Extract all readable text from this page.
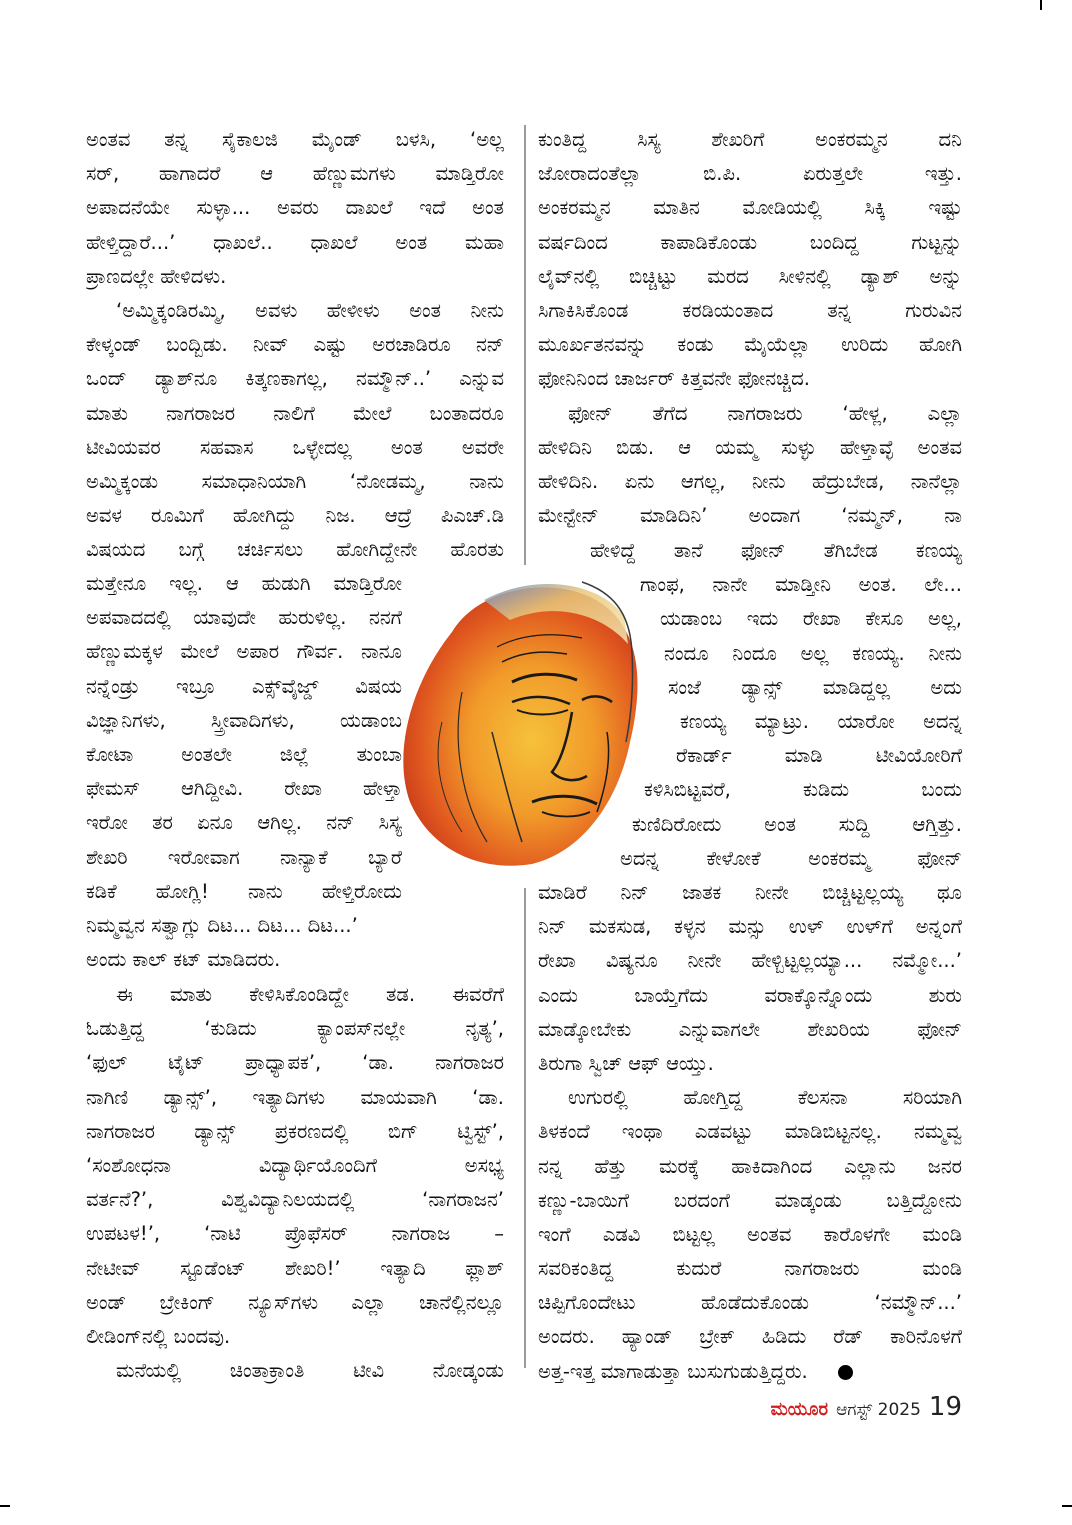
ಅಂತವ ತನ್ನ ಸೈಕಾಲಜಿ ಮೈಂಡ್ ಬಳಸಿ, ‘ಅಲ್ಲ
ಸರ್, ಹಾಗಾದರೆ ಆ ಹೆಣ್ಣುಮಗಳು ಮಾಡ್ತಿರೋ
ಅಪಾದನೆಯೇ ಸುಳ್ಳಾ... ಅವರು ದಾಖಲೆ ಇದೆ ಅಂತ
ಹೇಳ್ತಿದ್ದಾರೆ...’ ಧಾಖಲೆ.. ಧಾಖಲೆ ಅಂತ ಮಹಾ
ಪ್ರಾಣದಲ್ಲೇ ಹೇಳಿದಳು.
‘ಅಮ್ಮಿಕ್ಕಂಡಿರಮ್ಮಿ, ಅವಳು ಹೇಳೀಳು ಅಂತ ನೀನು
ಕೇಳ್ಕಂಡ್ ಬಂದ್ಬಿಡು. ನೀವ್ ಎಷ್ಟು ಅರಚಾಡಿರೂ ನನ್
ಒಂದ್ ಡ್ಯಾಶ್‌ನೂ ಕಿತ್ಕಣಕಾಗಲ್ಲ, ನಮ್ಮೌನ್..’ ಎನ್ನುವ
ಮಾತು ನಾಗರಾಜರ ನಾಲಿಗೆ ಮೇಲೆ ಬಂತಾದರೂ
ಟೀವಿಯವರ ಸಹವಾಸ ಒಳ್ಳೇದಲ್ಲ ಅಂತ ಅವರೇ
ಅಮ್ಮಿಕ್ಕಂಡು ಸಮಾಧಾನಿಯಾಗಿ ‘ನೋಡಮ್ಮ, ನಾನು
ಅವಳ ರೂಮಿಗೆ ಹೋಗಿದ್ದು ನಿಜ. ಆದ್ರೆ ಪಿಎಚ್.ಡಿ
ವಿಷಯದ ಬಗ್ಗೆ ಚರ್ಚಿಸಲು ಹೋಗಿದ್ದೇನೇ ಹೊರತು
ಮತ್ತೇನೂ ಇಲ್ಲ. ಆ ಹುಡುಗಿ ಮಾಡ್ತಿರೋ
ಅಪವಾದದಲ್ಲಿ ಯಾವುದೇ ಹುರುಳಿಲ್ಲ. ನನಗೆ
ಹೆಣ್ಣುಮಕ್ಕಳ ಮೇಲೆ ಅಪಾರ ಗೌರ್ವ. ನಾನೂ
ನನ್ನೆಂಡ್ರು ಇಬ್ರೂ ಎಕ್ಸ್‌ವೈಜ್ಡ್ ವಿಷಯ
ವಿಜ್ಞಾನಿಗಳು, ಸ್ತ್ರೀವಾದಿಗಳು, ಯಡಾಂಬ
ಕೋಟಾ ಅಂತಲೇ ಜಿಲ್ಲೆ ತುಂಬಾ
ಫೇಮಸ್ ಆಗಿದ್ದೀವಿ. ರೇಖಾ ಹೇಳ್ತಾ
ಇರೋ ತರ ಏನೂ ಆಗಿಲ್ಲ. ನನ್ ಸಿಸ್ಯ
ಶೇಖರಿ ಇರೋವಾಗ ನಾನ್ಯಾಕೆ ಬ್ಯಾರೆ
ಕಡಿಕೆ ಹೋಗ್ಲಿ! ನಾನು ಹೇಳ್ತಿರೋದು
ನಿಮ್ಮವ್ವನ ಸತ್ವಾಗ್ಲು ದಿಟ... ದಿಟ... ದಿಟ...’
ಅಂದು ಕಾಲ್ ಕಟ್ ಮಾಡಿದರು.
ಈ ಮಾತು ಕೇಳಿಸಿಕೊಂಡಿದ್ದೇ ತಡ. ಈವರೆಗೆ
ಓಡುತ್ತಿದ್ದ ‘ಕುಡಿದು ಕ್ಯಾಂಪಸ್‌ನಲ್ಲೇ ನೃತ್ಯ’,
‘ಫುಲ್ ಟೈಟ್ ಪ್ರಾಧ್ಯಾಪಕ’, ‘ಡಾ. ನಾಗರಾಜರ
ನಾಗಿಣಿ ಡ್ಯಾನ್ಸ್’, ಇತ್ಯಾದಿಗಳು ಮಾಯವಾಗಿ ‘ಡಾ.
ನಾಗರಾಜರ ಡ್ಯಾನ್ಸ್ ಪ್ರಕರಣದಲ್ಲಿ ಬಿಗ್ ಟ್ವಿಸ್ಟ್’,
‘ಸಂಶೋಧನಾ ವಿದ್ಯಾರ್ಥಿಯೊಂದಿಗೆ ಅಸಭ್ಯ
ವರ್ತನೆ?’, ವಿಶ್ವವಿದ್ಯಾನಿಲಯದಲ್ಲಿ ‘ನಾಗರಾಜನ’
ಉಪಟಳ!’, ‘ನಾಟಿ ಪ್ರೊಫೆಸರ್ ನಾಗರಾಜ –
ನೇಟೀವ್ ಸ್ಟೂಡೆಂಟ್ ಶೇಖರಿ!’ ಇತ್ಯಾದಿ ಫ್ಲಾಶ್
ಅಂಡ್ ಬ್ರೇಕಿಂಗ್ ನ್ಯೂಸ್‌ಗಳು ಎಲ್ಲಾ ಚಾನೆಲ್ಲಿನಲ್ಲೂ
ಲೀಡಿಂಗ್‌ನಲ್ಲಿ ಬಂದವು.
ಮನೆಯಲ್ಲಿ ಚಿಂತಾಕ್ರಾಂತಿ ಟೀವಿ ನೋಡ್ಕಂಡು
ಕುಂತಿದ್ದ ಸಿಸ್ಯ ಶೇಖರಿಗೆ ಅಂಕರಮ್ಮನ ದನಿ
ಜೋರಾದಂತೆಲ್ಲಾ ಬಿ.ಪಿ. ಏರುತ್ತಲೇ ಇತ್ತು.
ಅಂಕರಮ್ಮನ ಮಾತಿನ ಮೋಡಿಯಲ್ಲಿ ಸಿಕ್ಕಿ ಇಷ್ಟು
ವರ್ಷದಿಂದ ಕಾಪಾಡಿಕೊಂಡು ಬಂದಿದ್ದ ಗುಟ್ಟನ್ನು
ಲೈವ್‌ನಲ್ಲಿ ಬಿಚ್ಚಿಟ್ಟು ಮರದ ಸೀಳಿನಲ್ಲಿ ಡ್ಯಾಶ್ ಅನ್ನು
ಸಿಗಾಕಿಸಿಕೊಂಡ ಕರಡಿಯಂತಾದ ತನ್ನ ಗುರುವಿನ
ಮೂರ್ಖತನವನ್ನು ಕಂಡು ಮೈಯೆಲ್ಲಾ ಉರಿದು ಹೋಗಿ
ಫೋನಿನಿಂದ ಚಾರ್ಜರ್ ಕಿತ್ತವನೇ ಫೋನಚ್ಚಿದ.
ಫೋನ್ ತೆಗೆದ ನಾಗರಾಜರು ‘ಹೇಳ್ಲ, ಎಲ್ಲಾ
ಹೇಳಿದಿನಿ ಬಿಡು. ಆ ಯಮ್ಮ ಸುಳ್ಳು ಹೇಳ್ತಾವ್ಳೆ ಅಂತವ
ಹೇಳಿದಿನಿ. ಏನು ಆಗಲ್ಲ, ನೀನು ಹೆದ್ರುಬೇಡ, ನಾನೆಲ್ಲಾ
ಮೇನ್ಟೇನ್ ಮಾಡಿದಿನಿ’ ಅಂದಾಗ ‘ನಮ್ಮನ್, ನಾ
ಹೇಳಿದ್ದೆ ತಾನೆ ಫೋನ್ ತೆಗಿಬೇಡ ಕಣಯ್ಯ
ಗಾಂಫ, ನಾನೇ ಮಾಡ್ತೀನಿ ಅಂತ. ಲೇ...
ಯಡಾಂಬ ಇದು ರೇಖಾ ಕೇಸೂ ಅಲ್ಲ,
ನಂದೂ ನಿಂದೂ ಅಲ್ಲ ಕಣಯ್ಯ. ನೀನು
ಸಂಜೆ ಡ್ಯಾನ್ಸ್ ಮಾಡಿದ್ದಲ್ಲ ಅದು
ಕಣಯ್ಯ ಮ್ಯಾಟ್ರು. ಯಾರೋ ಅದನ್ನ
ರೆಕಾರ್ಡ್ ಮಾಡಿ ಟೀವಿಯೋರಿಗೆ
ಕಳಿಸಿಬಿಟ್ಟವರೆ, ಕುಡಿದು ಬಂದು
ಕುಣಿದಿರೋದು ಅಂತ ಸುದ್ದಿ ಆಗ್ತಿತ್ತು.
ಅದನ್ನ ಕೇಳೋಕೆ ಅಂಕರಮ್ಮ ಫೋನ್
ಮಾಡಿರೆ ನಿನ್ ಜಾತಕ ನೀನೇ ಬಿಚ್ಚಿಟ್ಟಲ್ಲಯ್ಯ ಥೂ
ನಿನ್ ಮಕಸುಡ, ಕಳ್ಳನ ಮನ್ಸು ಉಳ್ ಉಳ್‌ಗೆ ಅನ್ನಂಗೆ
ರೇಖಾ ವಿಷ್ಯನೂ ನೀನೇ ಹೇಳ್ಬಿಟ್ಟಲ್ಲಯ್ಯಾ... ನಮ್ಮೋ...’
ಎಂದು ಬಾಯ್ತೆಗೆದು ವರಾಕ್ಕೊನ್ನೊಂದು ಶುರು
ಮಾಡ್ಕೋಬೇಕು ಎನ್ನುವಾಗಲೇ ಶೇಖರಿಯ ಫೋನ್
ತಿರುಗಾ ಸ್ವಿಚ್ ಆಫ್ ಆಯ್ತು.
ಉಗುರಲ್ಲಿ ಹೋಗ್ತಿದ್ದ ಕೆಲಸನಾ ಸರಿಯಾಗಿ
ತಿಳಕಂದೆ ಇಂಥಾ ಎಡವಟ್ಟು ಮಾಡಿಬಿಟ್ಟನಲ್ಲ. ನಮ್ಮವ್ವ
ನನ್ನ ಹೆತ್ತು ಮರಕ್ಕೆ ಹಾಕಿದಾಗಿಂದ ಎಲ್ಲಾನು ಜನರ
ಕಣ್ಣು-ಬಾಯಿಗೆ ಬರದಂಗೆ ಮಾಡ್ಕಂಡು ಬತ್ತಿದ್ದೋನು
ಇಂಗೆ ಎಡವಿ ಬಿಟ್ಟಲ್ಲ ಅಂತವ ಕಾರೊಳಗೇ ಮಂಡಿ
ಸವರಿಕಂತಿದ್ದ ಕುದುರೆ ನಾಗರಾಜರು ಮಂಡಿ
ಚಿಪ್ಪಿಗೊಂದೇಟು ಹೊಡೆದುಕೊಂಡು ‘ನಮ್ಮೌನ್...’
ಅಂದರು. ಹ್ಯಾಂಡ್ ಬ್ರೇಕ್ ಹಿಡಿದು ರೆಡ್ ಕಾರಿನೊಳಗೆ
ಅತ್ತ-ಇತ್ತ ಮಾಗಾಡುತ್ತಾ ಬುಸುಗುಡುತ್ತಿದ್ದರು.
ಮಯೂರ ಆಗಸ್ಟ್ 2025 19
